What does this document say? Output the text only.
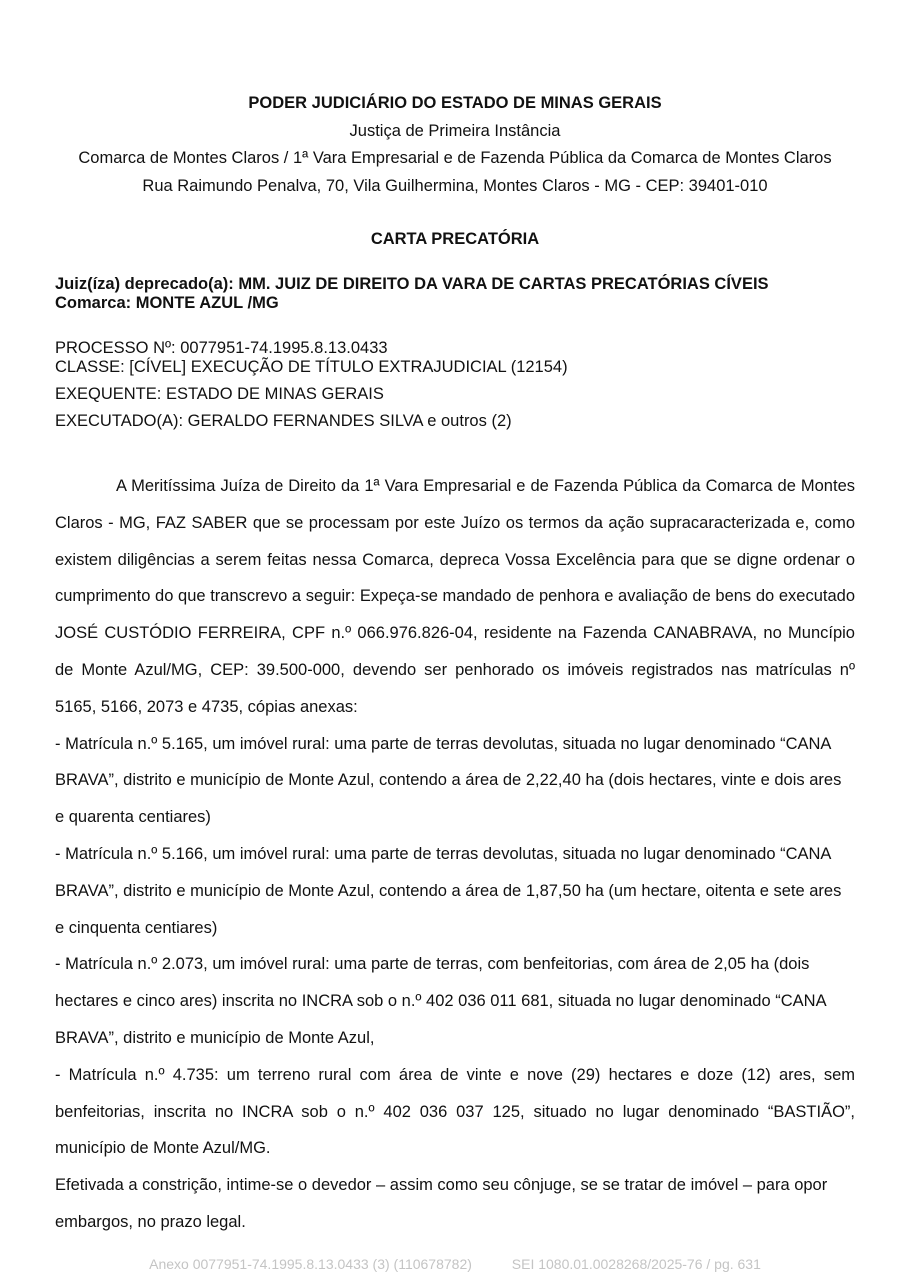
PODER JUDICIÁRIO DO ESTADO DE MINAS GERAIS
Justiça de Primeira Instância
Comarca de Montes Claros / 1ª Vara Empresarial e de Fazenda Pública da Comarca de Montes Claros
Rua Raimundo Penalva, 70, Vila Guilhermina, Montes Claros - MG - CEP: 39401-010
CARTA PRECATÓRIA
Juiz(íza) deprecado(a): MM. JUIZ DE DIREITO DA VARA DE CARTAS PRECATÓRIAS CÍVEIS
Comarca: MONTE AZUL /MG
PROCESSO Nº: 0077951-74.1995.8.13.0433
CLASSE: [CÍVEL] EXECUÇÃO DE TÍTULO EXTRAJUDICIAL (12154)
EXEQUENTE: ESTADO DE MINAS GERAIS
EXECUTADO(A): GERALDO FERNANDES SILVA e outros (2)

A Meritíssima Juíza de Direito da 1ª Vara Empresarial e de Fazenda Pública da Comarca de Montes Claros - MG, FAZ SABER que se processam por este Juízo os termos da ação supracaracterizada e, como existem diligências a serem feitas nessa Comarca, depreca Vossa Excelência para que se digne ordenar o cumprimento do que transcrevo a seguir: Expeça-se mandado de penhora e avaliação de bens do executado JOSÉ CUSTÓDIO FERREIRA, CPF n.º 066.976.826-04, residente na Fazenda CANABRAVA, no Muncípio de Monte Azul/MG, CEP: 39.500-000, devendo ser penhorado os imóveis registrados nas matrículas nº 5165, 5166, 2073 e 4735, cópias anexas:

- Matrícula n.º 5.165, um imóvel rural: uma parte de terras devolutas, situada no lugar denominado “CANA BRAVA”, distrito e município de Monte Azul, contendo a área de 2,22,40 ha (dois hectares, vinte e dois ares e quarenta centiares)

- Matrícula n.º 5.166, um imóvel rural: uma parte de terras devolutas, situada no lugar denominado “CANA BRAVA”, distrito e município de Monte Azul, contendo a área de 1,87,50 ha (um hectare, oitenta e sete ares e cinquenta centiares)

- Matrícula n.º 2.073, um imóvel rural: uma parte de terras, com benfeitorias, com área de 2,05 ha (dois hectares e cinco ares) inscrita no INCRA sob o n.º 402 036 011 681, situada no lugar denominado “CANA BRAVA”, distrito e município de Monte Azul,

- Matrícula n.º 4.735: um terreno rural com área de vinte e nove (29) hectares e doze (12) ares, sem benfeitorias, inscrita no INCRA sob o n.º 402 036 037 125, situado no lugar denominado “BASTIÃO”, município de Monte Azul/MG.

Efetivada a constrição, intime-se o devedor – assim como seu cônjuge, se se tratar de imóvel – para opor embargos, no prazo legal.

Anexo 0077951-74.1995.8.13.0433 (3) (110678782)	SEI 1080.01.0028268/2025-76 / pg. 631
